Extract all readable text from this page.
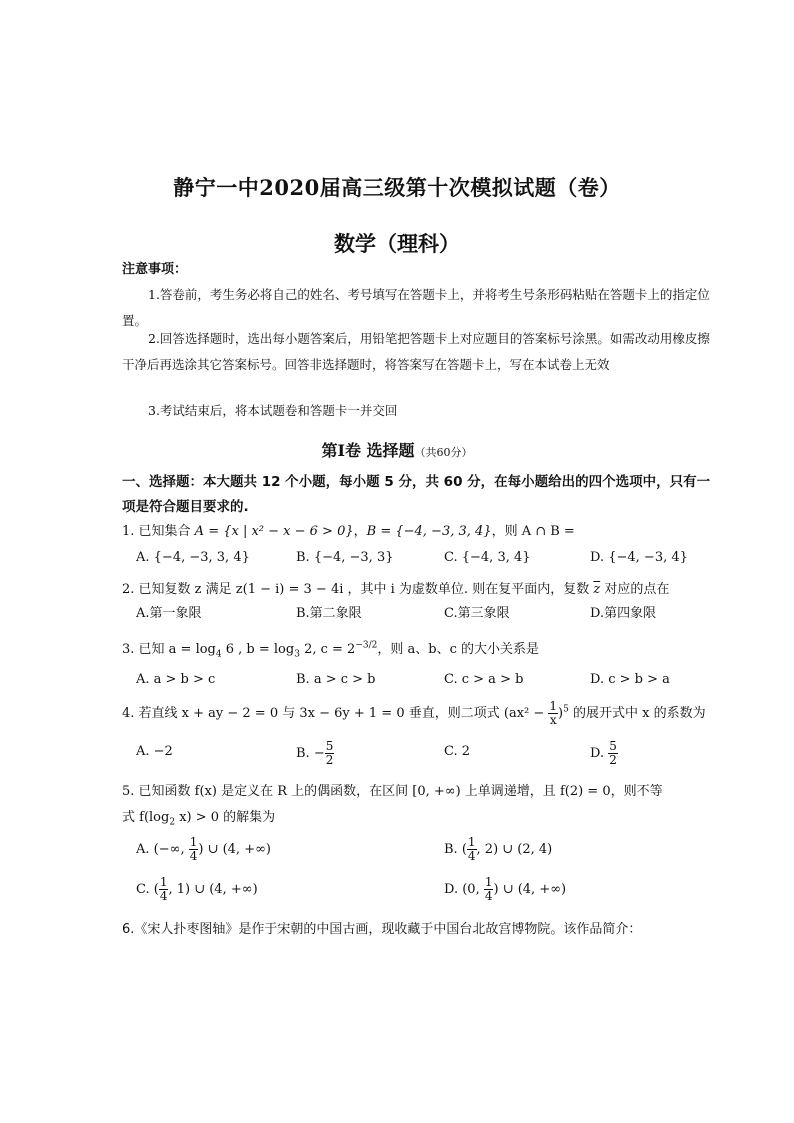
静宁一中2020届高三级第十次模拟试题（卷）
数学（理科）
注意事项：
1.答卷前，考生务必将自己的姓名、考号填写在答题卡上，并将考生号条形码粘贴在答题卡上的指定位置。
2.回答选择题时，选出每小题答案后，用铅笔把答题卡上对应题目的答案标号涂黑。如需改动用橡皮擦干净后再选涂其它答案标号。回答非选择题时，将答案写在答题卡上，写在本试卷上无效
3.考试结束后，将本试题卷和答题卡一并交回
第Ⅰ卷 选择题（共60分）
一、选择题：本大题共 12 个小题，每小题 5 分，共 60 分，在每小题给出的四个选项中，只有一项是符合题目要求的.
1. 已知集合 A = {x | x² − x − 6 > 0}，B = {−4, −3, 3, 4}，则 A ∩ B =
A. {−4, −3, 3, 4}	B. {−4, −3, 3}	C. {−4, 3, 4}	D. {−4, −3, 4}
2. 已知复数 z 满足 z(1 − i) = 3 − 4i ，其中 i 为虚数单位. 则在复平面内，复数 $\overline{z}$ 对应的点在
A.第一象限	B.第二象限	C.第三象限	D.第四象限
3. 已知 $a = \log_4 6$ , $b = \log_3 2$, $c = 2^{-3/2}$，则 a、b、c 的大小关系是
A. a > b > c	B. a > c > b	C. c > a > b	D. c > b > a
4. 若直线 x + ay − 2 = 0 与 3x − 6y + 1 = 0 垂直，则二项式 $(ax^2 - \frac{1}{x} )^5$ 的展开式中 x 的系数为
A. −2	B. − $\frac{5}{2}$	C. 2	D. $\frac{5}{2}$
5. 已知函数 f(x) 是定义在 R 上的偶函数，在区间 [0, +∞) 上单调递增，且 f(2) = 0，则不等
式 $f(\log_2$ x) > 0 的解集为
A. (−∞, $\frac{1}{4}$ ) ∪ (4, +∞)	B. ( $\frac{1}{4}$ , 2) ∪ (2, 4)
C. ( $\frac{1}{4}$ , 1) ∪ (4, +∞)	D. (0, $\frac{1}{4}$ ) ∪ (4, +∞)
6.《宋人扑枣图轴》是作于宋朝的中国古画，现收藏于中国台北故宫博物院。该作品简介：
